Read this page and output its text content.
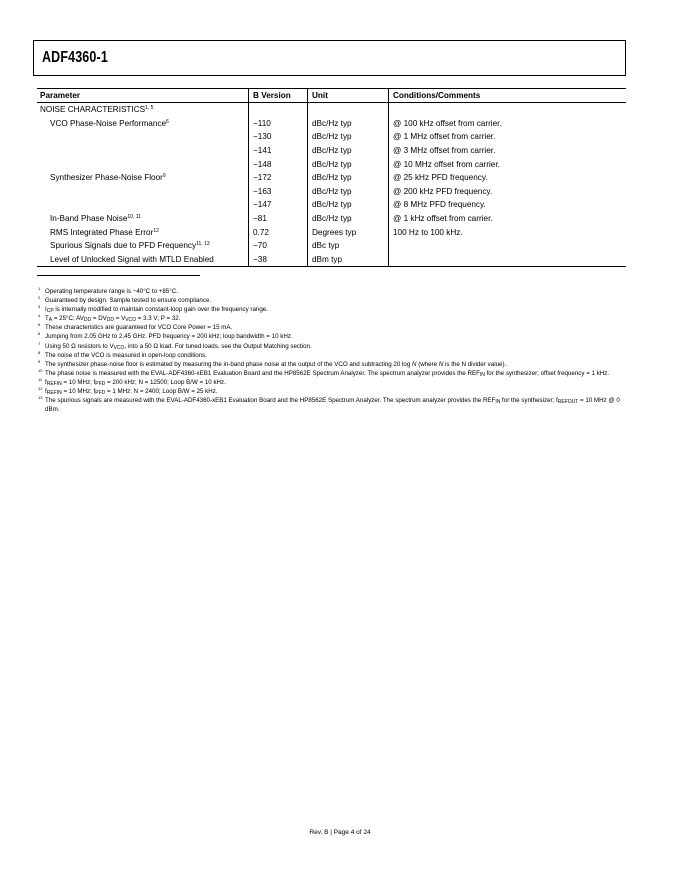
ADF4360-1
Parameter	B Version	Unit	Conditions/Comments
NOISE CHARACTERISTICS$^{1, 5}$			
VCO Phase-Noise Performance$^6$	−110	dBc/Hz typ	@ 100 kHz offset from carrier.
	−130	dBc/Hz typ	@ 1 MHz offset from carrier.
	−141	dBc/Hz typ	@ 3 MHz offset from carrier.
	−148	dBc/Hz typ	@ 10 MHz offset from carrier.
Synthesizer Phase-Noise Floor$^9$	−172	dBc/Hz typ	@ 25 kHz PFD frequency.
	−163	dBc/Hz typ	@ 200 kHz PFD frequency.
	−147	dBc/Hz typ	@ 8 MHz PFD frequency.
In-Band Phase Noise$^{10, 11}$	−81	dBc/Hz typ	@ 1 kHz offset from carrier.
RMS Integrated Phase Error$^{12}$	0.72	Degrees typ	100 Hz to 100 kHz.
Spurious Signals due to PFD Frequency$^{11, 13}$	−70	dBc typ	
Level of Unlocked Signal with MTLD Enabled	−38	dBm typ	
1 Operating temperature range is −40°C to +85°C.
2 Guaranteed by design. Sample tested to ensure compliance.
3 $I_{CP}$ is internally modified to maintain constant-loop gain over the frequency range.
4 $T_A = 25^\circ C$; $AV_{DD} = DV_{DD} = V_{VCO} = 3.3$ V; P = 32.
5 These characteristics are guaranteed for VCO Core Power = 15 mA.
6 Jumping from 2.05 GHz to 2.45 GHz. PFD frequency = 200 kHz; loop bandwidth = 10 kHz.
7 Using 50 Ω resistors to $V_{VCO}$, into a 50 Ω load. For tuned loads, see the Output Matching section.
8 The noise of the VCO is measured in open-loop conditions.
9 The synthesizer phase-noise floor is estimated by measuring the in-band phase noise at the output of the VCO and subtracting 20 log N (where N is the N divider value).
10 The phase noise is measured with the EVAL-ADF4360-xEB1 Evaluation Board and the HP8562E Spectrum Analyzer. The spectrum analyzer provides the $REF_{IN}$ for the synthesizer; offset frequency = 1 kHz.
11 $f_{REFIN} = 10$ MHz; $f_{PFD} = 200$ kHz; N = 12500; Loop B/W = 10 kHz.
12 $f_{REFIN} = 10$ MHz; $f_{PFD} = 1$ MHz; N = 2400; Loop B/W = 25 kHz.
13 The spurious signals are measured with the EVAL-ADF4360-xEB1 Evaluation Board and the HP8562E Spectrum Analyzer. The spectrum analyzer provides the $REF_{IN}$ for the synthesizer; $f_{REFOUT} = 10$ MHz @ 0 dBm.
Rev. B | Page 4 of 24
